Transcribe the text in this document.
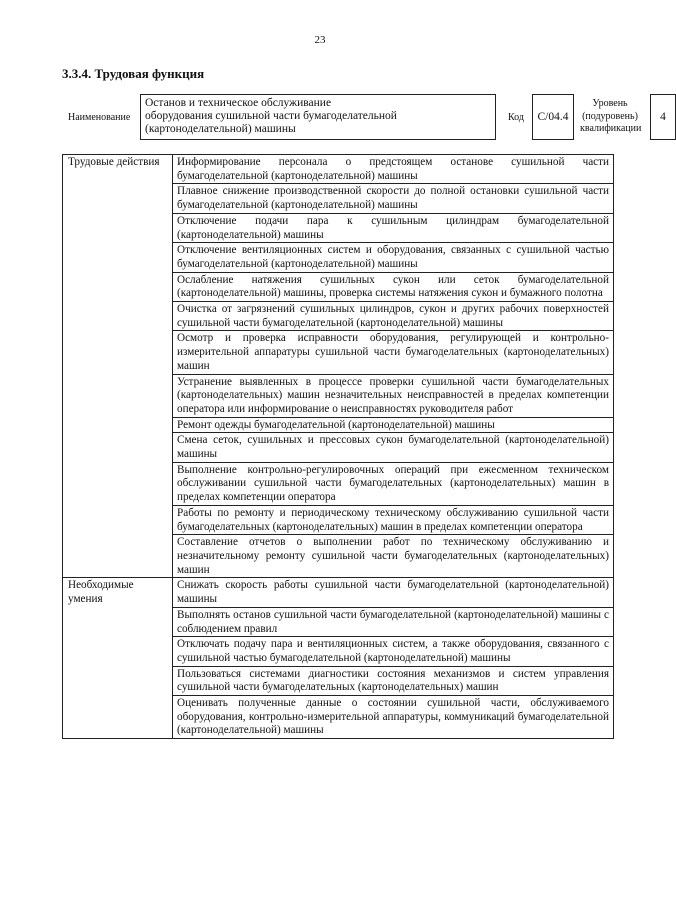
23
3.3.4. Трудовая функция
Наименование
Останов и техническое обслуживание
оборудования сушильной части бумагоделательной
(картоноделательной) машины
Код С/04.4
Уровень
(подуровень)
квалификации
4
Трудовые действия	Информирование персонала о предстоящем останове сушильной части бумагоделательной (картоноделательной) машины
	Плавное снижение производственной скорости до полной остановки сушильной части бумагоделательной (картоноделательной) машины
	Отключение подачи пара к сушильным цилиндрам бумагоделательной (картоноделательной) машины
	Отключение вентиляционных систем и оборудования, связанных с сушильной частью бумагоделательной (картоноделательной) машины
	Ослабление натяжения сушильных сукон или сеток бумагоделательной (картоноделательной) машины, проверка системы натяжения сукон и бумажного полотна
	Очистка от загрязнений сушильных цилиндров, сукон и других рабочих поверхностей сушильной части бумагоделательной (картоноделательной) машины
	Осмотр и проверка исправности оборудования, регулирующей и контрольно-измерительной аппаратуры сушильной части бумагоделательных (картоноделательных) машин
	Устранение выявленных в процессе проверки сушильной части бумагоделательных (картоноделательных) машин незначительных неисправностей в пределах компетенции оператора или информирование о неисправностях руководителя работ
	Ремонт одежды бумагоделательной (картоноделательной) машины
	Смена сеток, сушильных и прессовых сукон бумагоделательной (картоноделательной) машины
	Выполнение контрольно-регулировочных операций при ежесменном техническом обслуживании сушильной части бумагоделательных (картоноделательных) машин в пределах компетенции оператора
	Работы по ремонту и периодическому техническому обслуживанию сушильной части бумагоделательных (картоноделательных) машин в пределах компетенции оператора
	Составление отчетов о выполнении работ по техническому обслуживанию и незначительному ремонту сушильной части бумагоделательных (картоноделательных) машин
Необходимые умения	Снижать скорость работы сушильной части бумагоделательной (картоноделательной) машины
	Выполнять останов сушильной части бумагоделательной (картоноделательной) машины с соблюдением правил
	Отключать подачу пара и вентиляционных систем, а также оборудования, связанного с сушильной частью бумагоделательной (картоноделательной) машины
	Пользоваться системами диагностики состояния механизмов и систем управления сушильной части бумагоделательных (картоноделательных) машин
	Оценивать полученные данные о состоянии сушильной части, обслуживаемого оборудования, контрольно-измерительной аппаратуры, коммуникаций бумагоделательной (картоноделательной) машины
